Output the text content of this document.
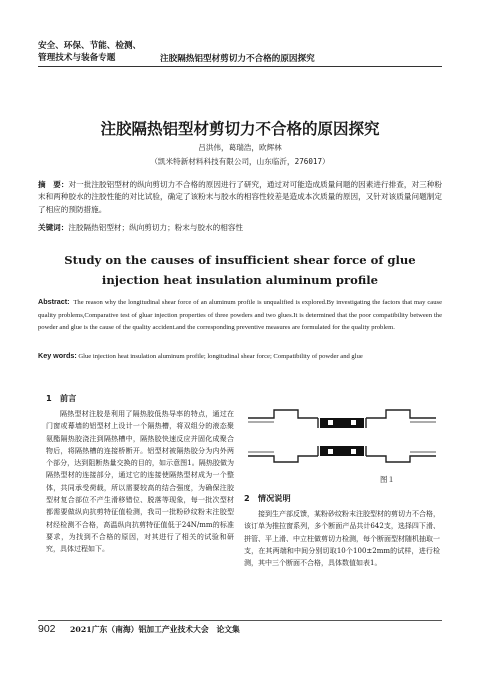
安全、环保、节能、检测、
管理技术与装备专题	注胶隔热铝型材剪切力不合格的原因探究
注胶隔热铝型材剪切力不合格的原因探究
吕洪伟，葛瑞浩，欧辉林
（凯米特新材料科技有限公司，山东临沂，276017）
摘　要：对一批注胶铝型材的纵向剪切力不合格的原因进行了研究，通过对可能造成质量问题的因素进行排查，对三种粉末和两种胶水的注胶性能的对比试验，确定了该粉末与胶水的相容性较差是造成本次质量的原因，又针对该质量问题制定了相应的预防措施。
关键词：注胶隔热铝型材；纵向剪切力；粉末与胶水的相容性
Study on the causes of insufficient shear force of glue injection heat insulation aluminum profile
Abstract: The reason why the longitudinal shear force of an aluminum profile is unqualified is explored.By investigating the factors that may cause quality problems,Comparative test of gluar injection properties of three powders and two glues.It is determined that the poor compatibility between the powder and glue is the cause of the quality accident.and the corresponding preventive measures are formulated for the quality problem.
Key words: Glue injection heat insulation aluminum profile; longitudinal shear force; Compatibility of powder and glue
1　前言

隔热型材注胶是利用了隔热胶低热导率的特点，通过在门窗或幕墙的铝型材上设计一个隔热槽，将双组分的液态聚氨酯隔热胶浇注到隔热槽中，隔热胶快速反应并固化成聚合物后，将隔热槽的连接桥断开。铝型材被隔热胶分为内外两个部分，达到阻断热量交换的目的，如示意图1。隔热胶做为隔热型材的连接部分，通过它的连接使隔热型材成为一个整体，共同承受荷载，所以需要较高的结合强度，为确保注胶型材复合部位不产生滑移错位、脱落等现象，每一批次型材都需要做纵向抗剪特征值检测，我司一批粉砂纹粉末注胶型材经检测不合格，高温纵向抗剪特征值低于24N/mm的标准要求，为找到不合格的原因，对其进行了相关的试验和研究，具体过程如下。

图１
2　情况说明

接到生产部反馈，某粉砂纹粉末注胶型材的剪切力不合格，该订单为推拉窗系列，多个断面产品共计642支，选择四下滑、拼管、平上滑、中立柱做剪切力检测，每个断面型材随机抽取一支，在其两端和中间分别切取10个100±2mm的试样，进行检测，其中三个断面不合格，具体数值如表1。

902 2021广东（南海）铝加工产业技术大会　论文集
